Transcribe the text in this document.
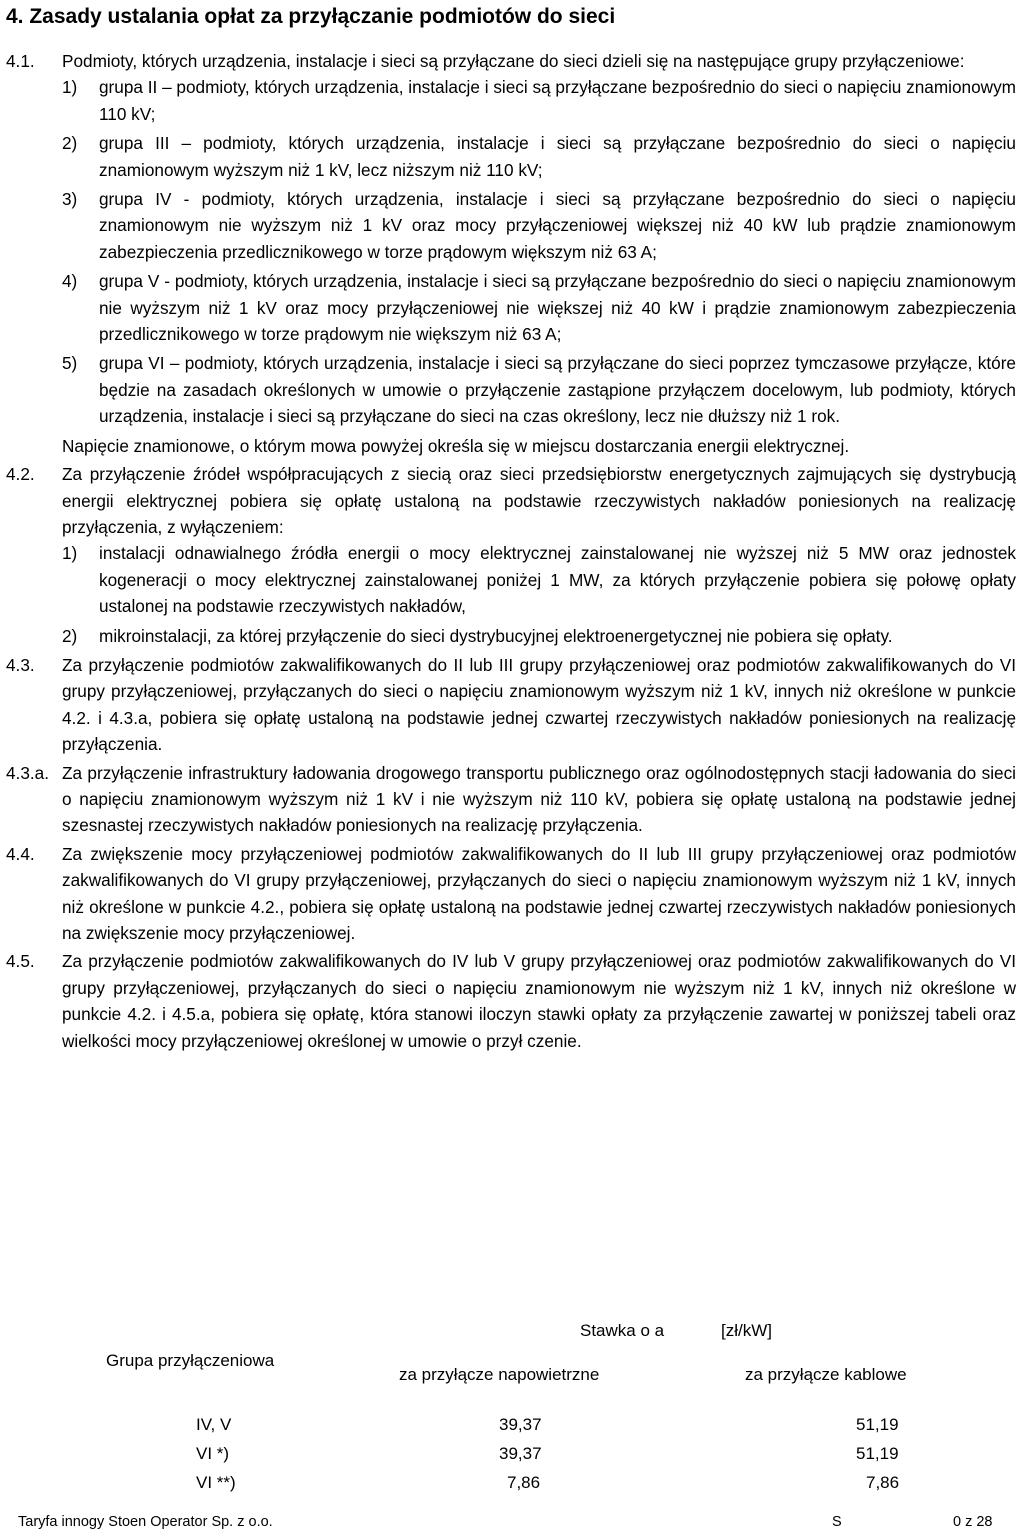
4. Zasady ustalania opłat za przyłączanie podmiotów do sieci
4.1. Podmioty, których urządzenia, instalacje i sieci są przyłączane do sieci dzieli się na następujące grupy przyłączeniowe:

1) grupa II – podmioty, których urządzenia, instalacje i sieci są przyłączane bezpośrednio do sieci o napięciu znamionowym 110 kV;
2) grupa III – podmioty, których urządzenia, instalacje i sieci są przyłączane bezpośrednio do sieci o napięciu znamionowym wyższym niż 1 kV, lecz niższym niż 110 kV;
3) grupa IV - podmioty, których urządzenia, instalacje i sieci są przyłączane bezpośrednio do sieci o napięciu znamionowym nie wyższym niż 1 kV oraz mocy przyłączeniowej większej niż 40 kW lub prądzie znamionowym zabezpieczenia przedlicznikowego w torze prądowym większym niż 63 A;
4) grupa V - podmioty, których urządzenia, instalacje i sieci są przyłączane bezpośrednio do sieci o napięciu znamionowym nie wyższym niż 1 kV oraz mocy przyłączeniowej nie większej niż 40 kW i prądzie znamionowym zabezpieczenia przedlicznikowego w torze prądowym nie większym niż 63 A;
5) grupa VI – podmioty, których urządzenia, instalacje i sieci są przyłączane do sieci poprzez tymczasowe przyłącze, które będzie na zasadach określonych w umowie o przyłączenie zastąpione przyłączem docelowym, lub podmioty, których urządzenia, instalacje i sieci są przyłączane do sieci na czas określony, lecz nie dłuższy niż 1 rok.

Napięcie znamionowe, o którym mowa powyżej określa się w miejscu dostarczania energii elektrycznej.

4.2. Za przyłączenie źródeł współpracujących z siecią oraz sieci przedsiębiorstw energetycznych zajmujących się dystrybucją energii elektrycznej pobiera się opłatę ustaloną na podstawie rzeczywistych nakładów poniesionych na realizację przyłączenia, z wyłączeniem:

1) instalacji odnawialnego źródła energii o mocy elektrycznej zainstalowanej nie wyższej niż 5 MW oraz jednostek kogeneracji o mocy elektrycznej zainstalowanej poniżej 1 MW, za których przyłączenie pobiera się połowę opłaty ustalonej na podstawie rzeczywistych nakładów,
2) mikroinstalacji, za której przyłączenie do sieci dystrybucyjnej elektroenergetycznej nie pobiera się opłaty.
4.3. Za przyłączenie podmiotów zakwalifikowanych do II lub III grupy przyłączeniowej oraz podmiotów zakwalifikowanych do VI grupy przyłączeniowej, przyłączanych do sieci o napięciu znamionowym wyższym niż 1 kV, innych niż określone w punkcie 4.2. i 4.3.a, pobiera się opłatę ustaloną na podstawie jednej czwartej rzeczywistych nakładów poniesionych na realizację przyłączenia.

4.3.a. Za przyłączenie infrastruktury ładowania drogowego transportu publicznego oraz ogólnodostępnych stacji ładowania do sieci o napięciu znamionowym wyższym niż 1 kV i nie wyższym niż 110 kV, pobiera się opłatę ustaloną na podstawie jednej szesnastej rzeczywistych nakładów poniesionych na realizację przyłączenia.

4.4. Za zwiększenie mocy przyłączeniowej podmiotów zakwalifikowanych do II lub III grupy przyłączeniowej oraz podmiotów zakwalifikowanych do VI grupy przyłączeniowej, przyłączanych do sieci o napięciu znamionowym wyższym niż 1 kV, innych niż określone w punkcie 4.2., pobiera się opłatę ustaloną na podstawie jednej czwartej rzeczywistych nakładów poniesionych na zwiększenie mocy przyłączeniowej.

4.5. Za przyłączenie podmiotów zakwalifikowanych do IV lub V grupy przyłączeniowej oraz podmiotów zakwalifikowanych do VI grupy przyłączeniowej, przyłączanych do sieci o napięciu znamionowym nie wyższym niż 1 kV, innych niż określone w punkcie 4.2. i 4.5.a, pobiera się opłatę, która stanowi iloczyn stawki opłaty za przyłączenie zawartej w poniższej tabeli oraz wielkości mocy przyłączeniowej określonej w umowie o przył czenie.

Stawka o a	[zł/kW]
Grupa przyłączeniowa
za przyłącze napowietrzne	za przyłącze kablowe
IV, V	39,37	51,19
VI *)	39,37	51,19
VI **)	7,86	7,86
Taryfa innogy Stoen Operator Sp. z o.o.	S	0 z 28
